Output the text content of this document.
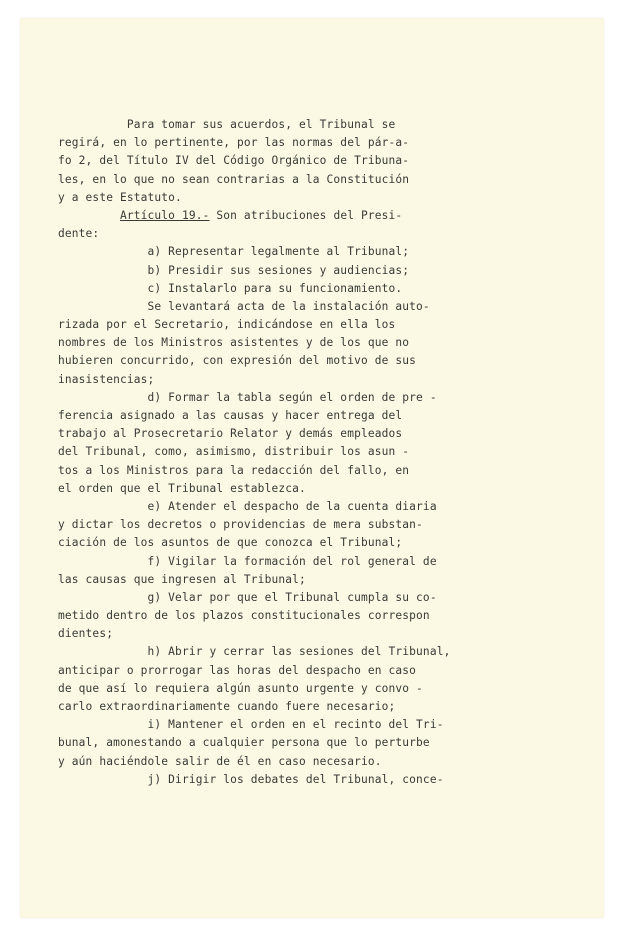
Para tomar sus acuerdos, el Tribunal se
regirá, en lo pertinente, por las normas del pár-a-
fo 2, del Título IV del Código Orgánico de Tribuna-
les, en lo que no sean contrarias a la Constitución
y a este Estatuto.
Artículo 19.- Son atribuciones del Presi-
dente:
a) Representar legalmente al Tribunal;
b) Presidir sus sesiones y audiencias;
c) Instalarlo para su funcionamiento.
Se levantará acta de la instalación auto-
rizada por el Secretario, indicándose en ella los
nombres de los Ministros asistentes y de los que no
hubieren concurrido, con expresión del motivo de sus
inasistencias;
d) Formar la tabla según el orden de pre -
ferencia asignado a las causas y hacer entrega del
trabajo al Prosecretario Relator y demás empleados
del Tribunal, como, asimismo, distribuir los asun -
tos a los Ministros para la redacción del fallo, en
el orden que el Tribunal establezca.
e) Atender el despacho de la cuenta diaria
y dictar los decretos o providencias de mera substan-
ciación de los asuntos de que conozca el Tribunal;
f) Vigilar la formación del rol general de
las causas que ingresen al Tribunal;
g) Velar por que el Tribunal cumpla su co-
metido dentro de los plazos constitucionales correspon
dientes;
h) Abrir y cerrar las sesiones del Tribunal,
anticipar o prorrogar las horas del despacho en caso
de que así lo requiera algún asunto urgente y convo -
carlo extraordinariamente cuando fuere necesario;
i) Mantener el orden en el recinto del Tri-
bunal, amonestando a cualquier persona que lo perturbe
y aún haciéndole salir de él en caso necesario.
j) Dirigir los debates del Tribunal, conce-
